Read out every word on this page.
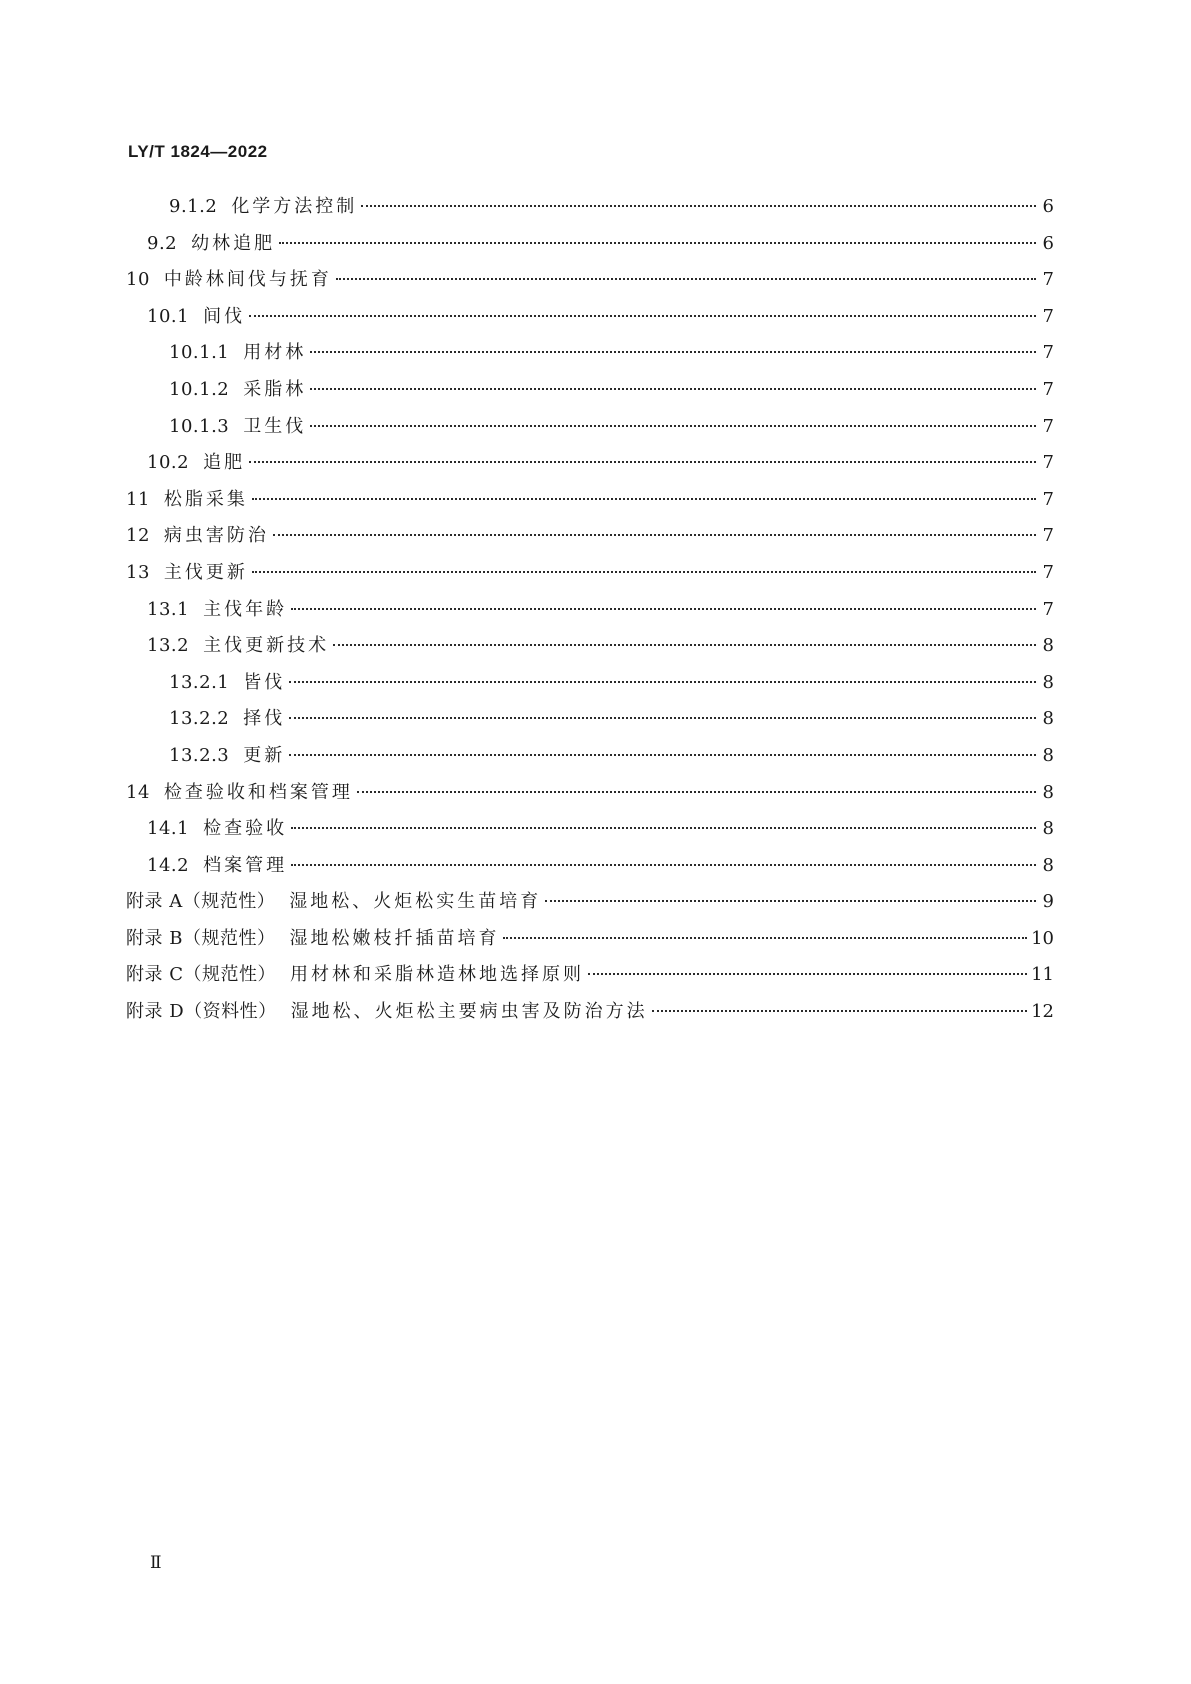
LY/T 1824—2022
9.1.2 化学方法控制	6
9.2 幼林追肥	6
10 中龄林间伐与抚育	7
10.1 间伐	7
10.1.1 用材林	7
10.1.2 采脂林	7
10.1.3 卫生伐	7
10.2 追肥	7
11 松脂采集	7
12 病虫害防治	7
13 主伐更新	7
13.1 主伐年龄	7
13.2 主伐更新技术	8
13.2.1 皆伐	8
13.2.2 择伐	8
13.2.3 更新	8
14 检查验收和档案管理	8
14.1 检查验收	8
14.2 档案管理	8
附录 A（规范性） 湿地松、火炬松实生苗培育	9
附录 B（规范性） 湿地松嫩枝扦插苗培育	10
附录 C（规范性） 用材林和采脂林造林地选择原则	11
附录 D（资料性） 湿地松、火炬松主要病虫害及防治方法	12
Ⅱ
